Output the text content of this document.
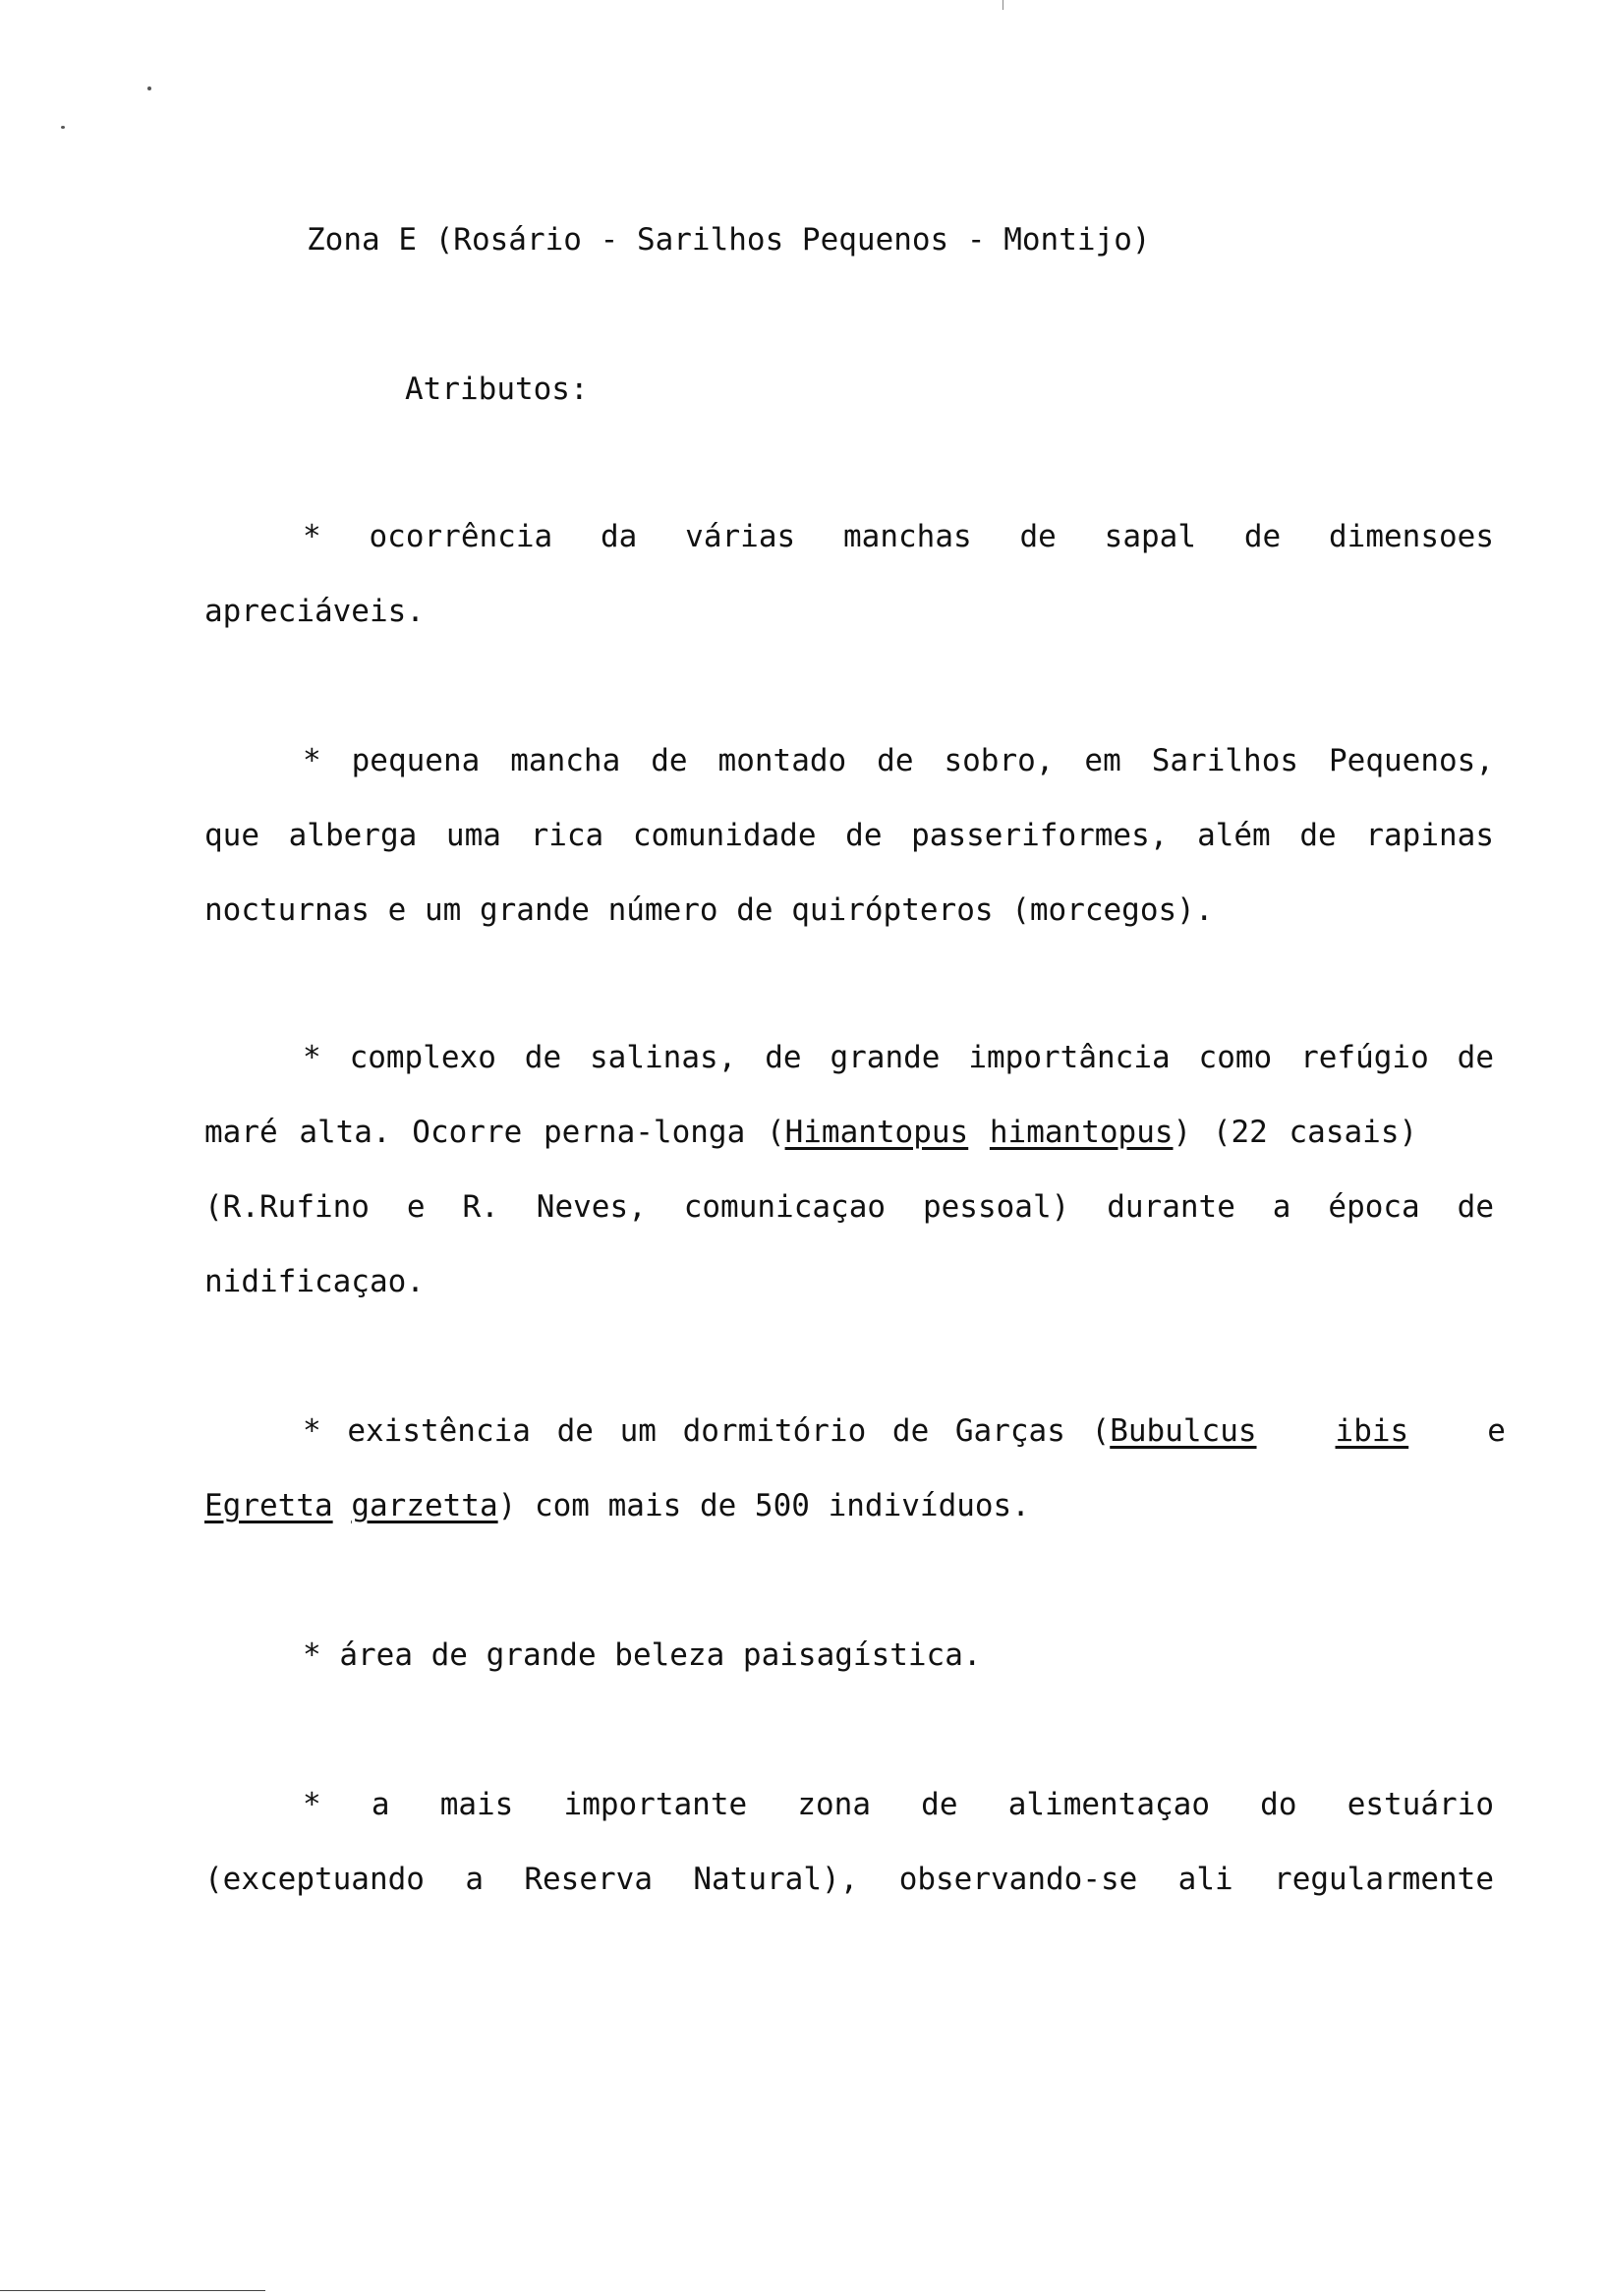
Zona E (Rosário - Sarilhos Pequenos - Montijo)
Atributos:
* ocorrência da várias manchas de sapal de dimensoes
apreciáveis.
* pequena mancha de montado de sobro, em Sarilhos Pequenos,
que alberga uma rica comunidade de passeriformes, além de rapinas
nocturnas e um grande número de quirópteros (morcegos).
* complexo de salinas, de grande importância como refúgio de
maré alta. Ocorre perna-longa (Himantopus himantopus) (22 casais)
(R.Rufino e R. Neves, comunicaçao pessoal) durante a época de
nidificaçao.
* existência de um dormitório de Garças (Bubulcus	ibis	e
Egretta garzetta) com mais de 500 indivíduos.
* área de grande beleza paisagística.
* a mais importante zona de alimentaçao do estuário
(exceptuando a Reserva Natural), observando-se ali regularmente
